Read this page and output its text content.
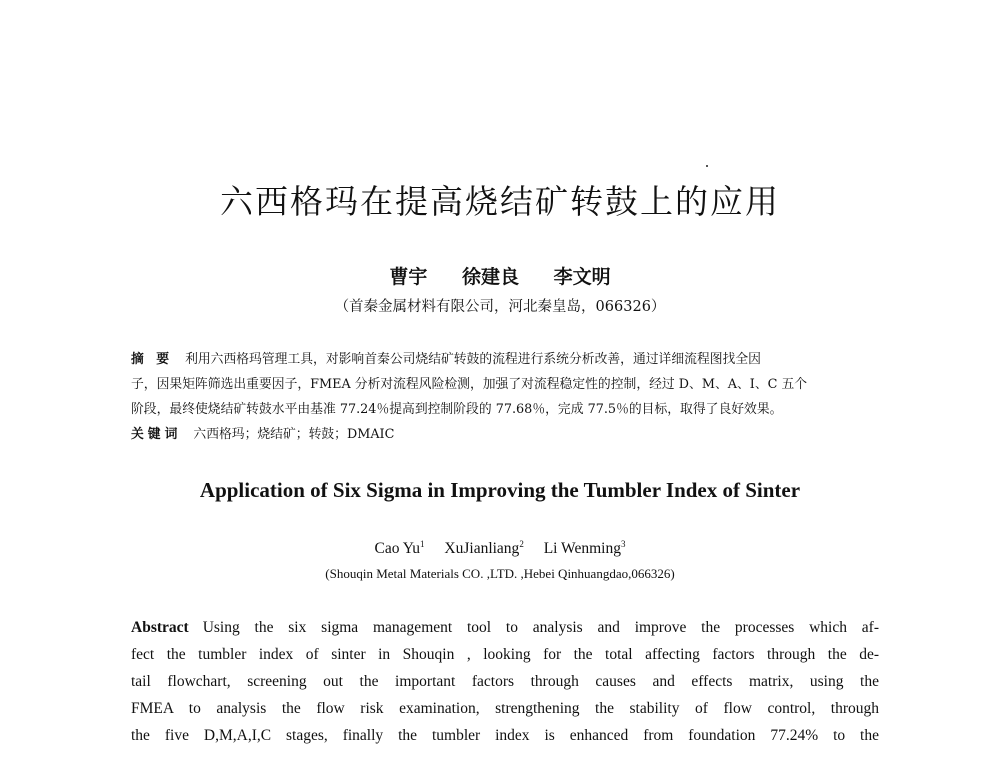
六西格玛在提高烧结矿转鼓上的应用
曹宇 徐建良 李文明
（首秦金属材料有限公司，河北秦皇岛，066326）
摘 要 利用六西格玛管理工具，对影响首秦公司烧结矿转鼓的流程进行系统分析改善，通过详细流程图找全因
子，因果矩阵筛选出重要因子，FMEA 分析对流程风险检测，加强了对流程稳定性的控制，经过 D、M、A、I、C 五个
阶段，最终使烧结矿转鼓水平由基准 77.24％提高到控制阶段的 77.68％，完成 77.5％的目标，取得了良好效果。
关键词 六西格玛；烧结矿；转鼓；DMAIC
Application of Six Sigma in Improving the Tumbler Index of Sinter
Cao Yu$^1$ XuJianliang$^2$ Li Wenming$^3$
(Shouqin Metal Materials CO. ,LTD. ,Hebei Qinhuangdao,066326)
Abstract Using the six sigma management tool to analysis and improve the processes which af-
fect the tumbler index of sinter in Shouqin , looking for the total affecting factors through the de-
tail flowchart, screening out the important factors through causes and effects matrix, using the
FMEA to analysis the flow risk examination, strengthening the stability of flow control, through
the five D,M,A,I,C stages, finally the tumbler index is enhanced from foundation 77.24% to the
